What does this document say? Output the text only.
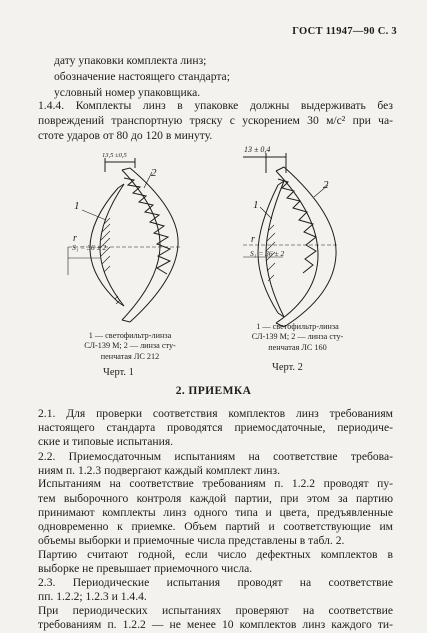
ГОСТ 11947—90 С. 3
дату упаковки комплекта линз;
обозначение настоящего стандарта;
условный номер упаковщика.
1.4.4. Комплекты линз в упаковке должны выдерживать без
повреждений транспортную тряску с ускорением 30 м/с² при ча-
стоте ударов от 80 до 120 в минуту.
13,5 ±0,5
1
2
r
S₁ = 36 ± 2
1 — светофильтр-линза
СЛ-139 М; 2 — линза сту-
пенчатая ЛС 212
Черт. 1
13 ± 0,4
1
2
r
S₁ = 36 ± 2
1 — светофильтр-линза
СЛ-139 М; 2 — линза сту-
пенчатая ЛС 160
Черт. 2
2. ПРИЕМКА
2.1. Для проверки соответствия комплектов линз требованиям
настоящего стандарта проводятся приемосдаточные, периодиче-
ские и типовые испытания.
2.2. Приемосдаточным испытаниям на соответствие требова-
ниям п. 1.2.3 подвергают каждый комплект линз.
Испытаниям на соответствие требованиям п. 1.2.2 проводят пу-
тем выборочного контроля каждой партии, при этом за партию
принимают комплекты линз одного типа и цвета, предъявленные
одновременно к приемке. Объем партий и соответствующие им
объемы выборки и приемочные числа представлены в табл. 2.
Партию считают годной, если число дефектных комплектов в
выборке не превышает приемочного числа.
2.3. Периодические испытания проводят на соответствие
пп. 1.2.2; 1.2.3 и 1.4.4.
При периодических испытаниях проверяют на соответствие
требованиям п. 1.2.2 — не менее 10 комплектов линз каждого ти-
